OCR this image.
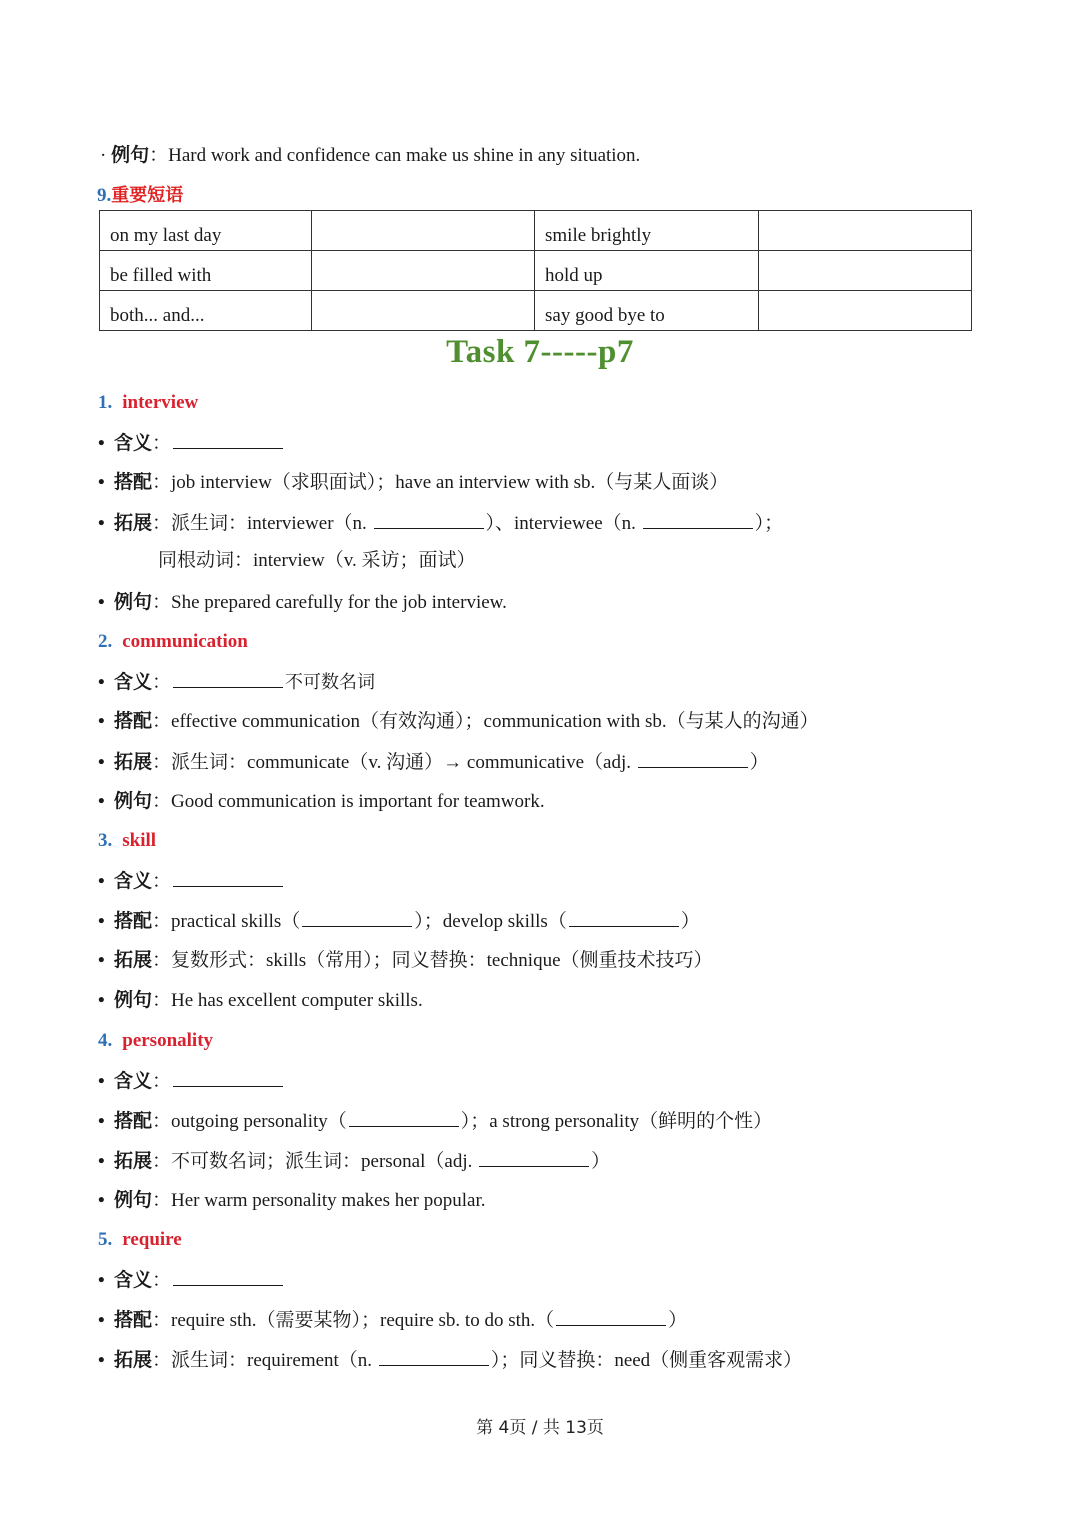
· 例句：Hard work and confidence can make us shine in any situation.
9.重要短语
on my last day		smile brightly	
be filled with		hold up	
both... and...		say good bye to	
Task 7-----p7
1. interview
• 含义：
• 搭配：job interview（求职面试）；have an interview with sb.（与某人面谈）
• 拓展：派生词：interviewer（n.	）、interviewee（n.	）；
同根动词：interview（v. 采访；面试）
• 例句：She prepared carefully for the job interview.
2. communication
• 含义：	不可数名词
• 搭配：effective communication（有效沟通）；communication with sb.（与某人的沟通）
• 拓展：派生词：communicate（v. 沟通）→ communicative（adj.	）
• 例句：Good communication is important for teamwork.
3. skill
• 含义：
• 搭配：practical skills（	）；develop skills（	）
• 拓展：复数形式：skills（常用）；同义替换：technique（侧重技术技巧）
• 例句：He has excellent computer skills.
4. personality
• 含义：
• 搭配：outgoing personality（	）；a strong personality（鲜明的个性）
• 拓展：不可数名词；派生词：personal（adj.	）
• 例句：Her warm personality makes her popular.
5. require
• 含义：
• 搭配：require sth.（需要某物）；require sb. to do sth.（	）
• 拓展：派生词：requirement（n.	）；同义替换：need（侧重客观需求）
第 4页 / 共 13页
